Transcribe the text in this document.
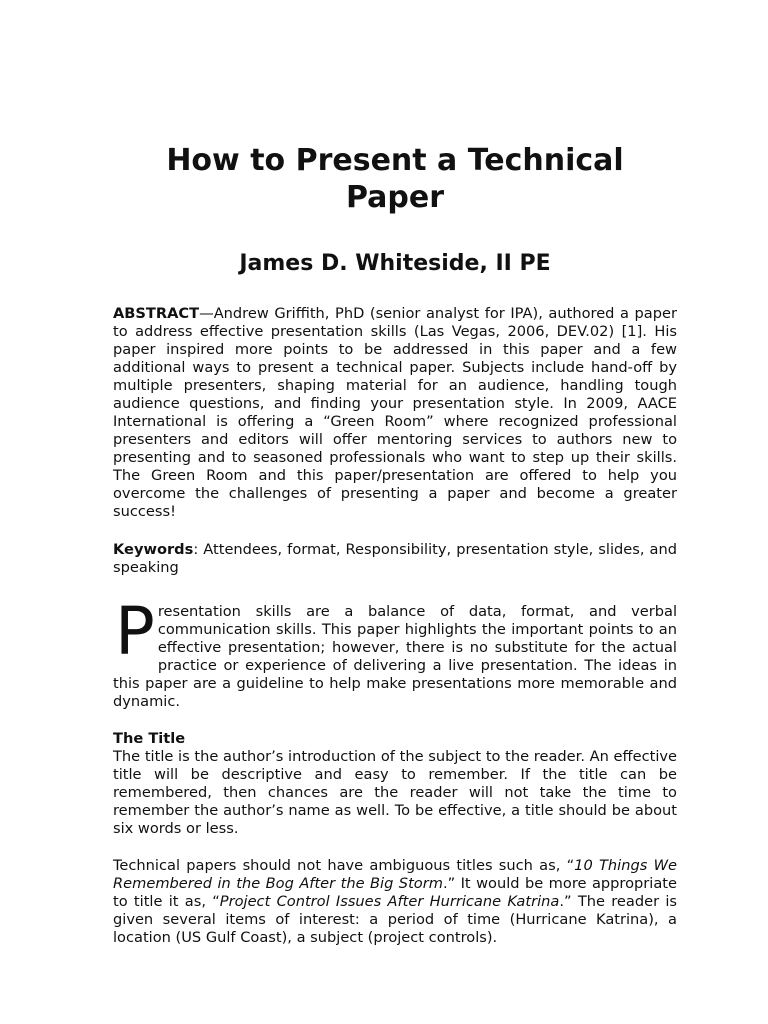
How to Present a Technical Paper
James D. Whiteside, II PE

ABSTRACT—Andrew Griffith, PhD (senior analyst for IPA), authored a paper to address effective presentation skills (Las Vegas, 2006, DEV.02) [1]. His paper inspired more points to be addressed in this paper and a few additional ways to present a technical paper. Subjects include hand-off by multiple presenters, shaping material for an audience, handling tough audience questions, and finding your presentation style. In 2009, AACE International is offering a “Green Room” where recognized professional presenters and editors will offer mentoring services to authors new to presenting and to seasoned professionals who want to step up their skills. The Green Room and this paper/presentation are offered to help you overcome the challenges of presenting a paper and become a greater success!

Keywords: Attendees, format, Responsibility, presentation style, slides, and speaking

Presentation skills are a balance of data, format, and verbal communication skills. This paper highlights the important points to an effective presentation; however, there is no substitute for the actual practice or experience of delivering a live presentation. The ideas in this paper are a guideline to help make presentations more memorable and dynamic.

The Title

The title is the author’s introduction of the subject to the reader. An effective title will be descriptive and easy to remember. If the title can be remembered, then chances are the reader will not take the time to remember the author’s name as well. To be effective, a title should be about six words or less.

Technical papers should not have ambiguous titles such as, “10 Things We Remembered in the Bog After the Big Storm.” It would be more appropriate to title it as, “Project Control Issues After Hurricane Katrina.” The reader is given several items of interest: a period of time (Hurricane Katrina), a location (US Gulf Coast), a subject (project controls).
